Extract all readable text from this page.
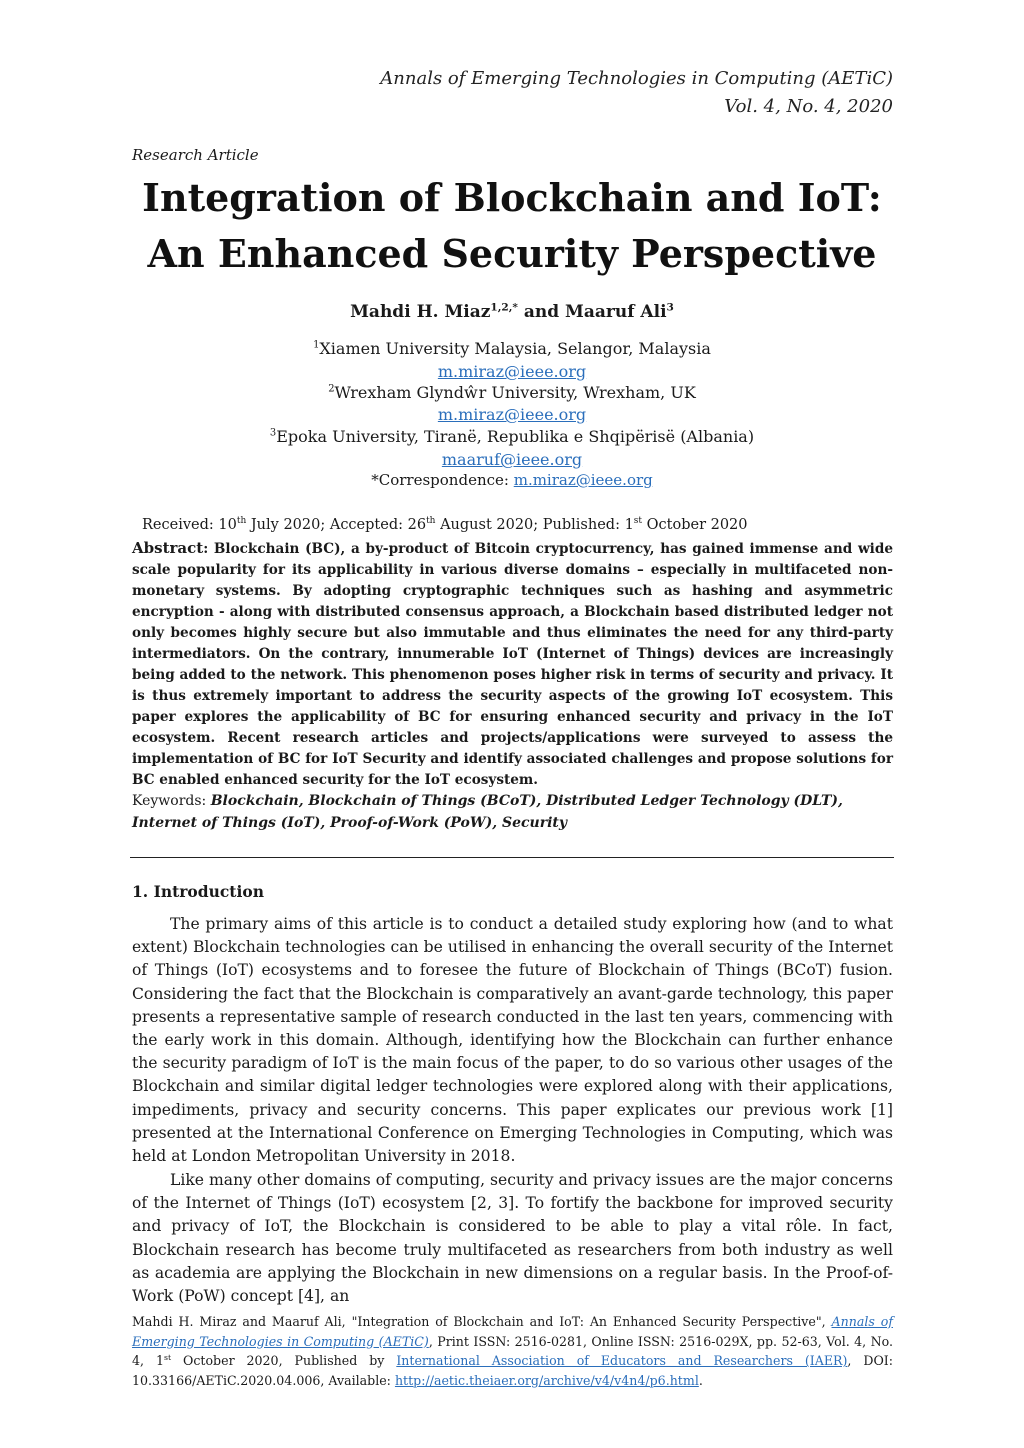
Annals of Emerging Technologies in Computing (AETiC)
Vol. 4, No. 4, 2020
Research Article
Integration of Blockchain and IoT:
An Enhanced Security Perspective
Mahdi H. Miaz$^{1,2,*}$ and Maaruf Ali$^3$
$^1$Xiamen University Malaysia, Selangor, Malaysia
m.miraz@ieee.org
$^2$Wrexham Glyndŵr University, Wrexham, UK
m.miraz@ieee.org
$^3$Epoka University, Tiranë, Republika e Shqipërisë (Albania)
maaruf@ieee.org
*Correspondence: m.miraz@ieee.org
Received: 10th July 2020; Accepted: 26th August 2020; Published: 1st October 2020
Abstract: Blockchain (BC), a by-product of Bitcoin cryptocurrency, has gained immense and wide scale popularity for its applicability in various diverse domains – especially in multifaceted non-monetary systems. By adopting cryptographic techniques such as hashing and asymmetric encryption - along with distributed consensus approach, a Blockchain based distributed ledger not only becomes highly secure but also immutable and thus eliminates the need for any third-party intermediators. On the contrary, innumerable IoT (Internet of Things) devices are increasingly being added to the network. This phenomenon poses higher risk in terms of security and privacy. It is thus extremely important to address the security aspects of the growing IoT ecosystem. This paper explores the applicability of BC for ensuring enhanced security and privacy in the IoT ecosystem. Recent research articles and projects/applications were surveyed to assess the implementation of BC for IoT Security and identify associated challenges and propose solutions for BC enabled enhanced security for the IoT ecosystem.
Keywords: Blockchain, Blockchain of Things (BCoT), Distributed Ledger Technology (DLT), Internet of Things (IoT), Proof-of-Work (PoW), Security
1. Introduction
The primary aims of this article is to conduct a detailed study exploring how (and to what extent) Blockchain technologies can be utilised in enhancing the overall security of the Internet of Things (IoT) ecosystems and to foresee the future of Blockchain of Things (BCoT) fusion. Considering the fact that the Blockchain is comparatively an avant-garde technology, this paper presents a representative sample of research conducted in the last ten years, commencing with the early work in this domain. Although, identifying how the Blockchain can further enhance the security paradigm of IoT is the main focus of the paper, to do so various other usages of the Blockchain and similar digital ledger technologies were explored along with their applications, impediments, privacy and security concerns. This paper explicates our previous work [1] presented at the International Conference on Emerging Technologies in Computing, which was held at London Metropolitan University in 2018.
Like many other domains of computing, security and privacy issues are the major concerns of the Internet of Things (IoT) ecosystem [2, 3]. To fortify the backbone for improved security and privacy of IoT, the Blockchain is considered to be able to play a vital rôle. In fact, Blockchain research has become truly multifaceted as researchers from both industry as well as academia are applying the Blockchain in new dimensions on a regular basis. In the Proof-of-Work (PoW) concept [4], an
Mahdi H. Miraz and Maaruf Ali, "Integration of Blockchain and IoT: An Enhanced Security Perspective", Annals of Emerging Technologies in Computing (AETiC), Print ISSN: 2516-0281, Online ISSN: 2516-029X, pp. 52-63, Vol. 4, No. 4, 1st October 2020, Published by International Association of Educators and Researchers (IAER), DOI: 10.33166/AETiC.2020.04.006, Available: http://aetic.theiaer.org/archive/v4/v4n4/p6.html.
